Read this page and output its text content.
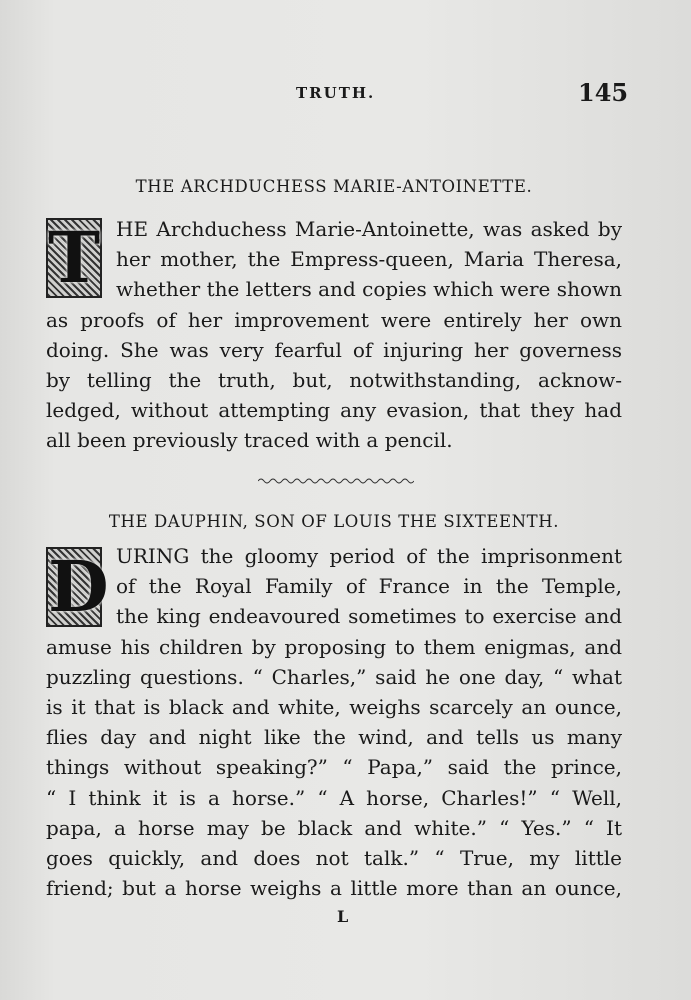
TRUTH.	145
THE ARCHDUCHESS MARIE-ANTOINETTE.
T HE Archduchess Marie-Antoinette, was asked by
her mother, the Empress-queen, Maria Theresa,
whether the letters and copies which were shown
as proofs of her improvement were entirely her own
doing. She was very fearful of injuring her governess
by telling the truth, but, notwithstanding, acknow-
ledged, without attempting any evasion, that they had
all been previously traced with a pencil.
THE DAUPHIN, SON OF LOUIS THE SIXTEENTH.
D URING the gloomy period of the imprisonment
of the Royal Family of France in the Temple,
the king endeavoured sometimes to exercise and
amuse his children by proposing to them enigmas, and
puzzling questions. “ Charles,” said he one day, “ what
is it that is black and white, weighs scarcely an ounce,
flies day and night like the wind, and tells us many
things without speaking?” “ Papa,” said the prince,
“ I think it is a horse.” “ A horse, Charles!” “ Well,
papa, a horse may be black and white.” “ Yes.” “ It
goes quickly, and does not talk.” “ True, my little
friend; but a horse weighs a little more than an ounce,
L
